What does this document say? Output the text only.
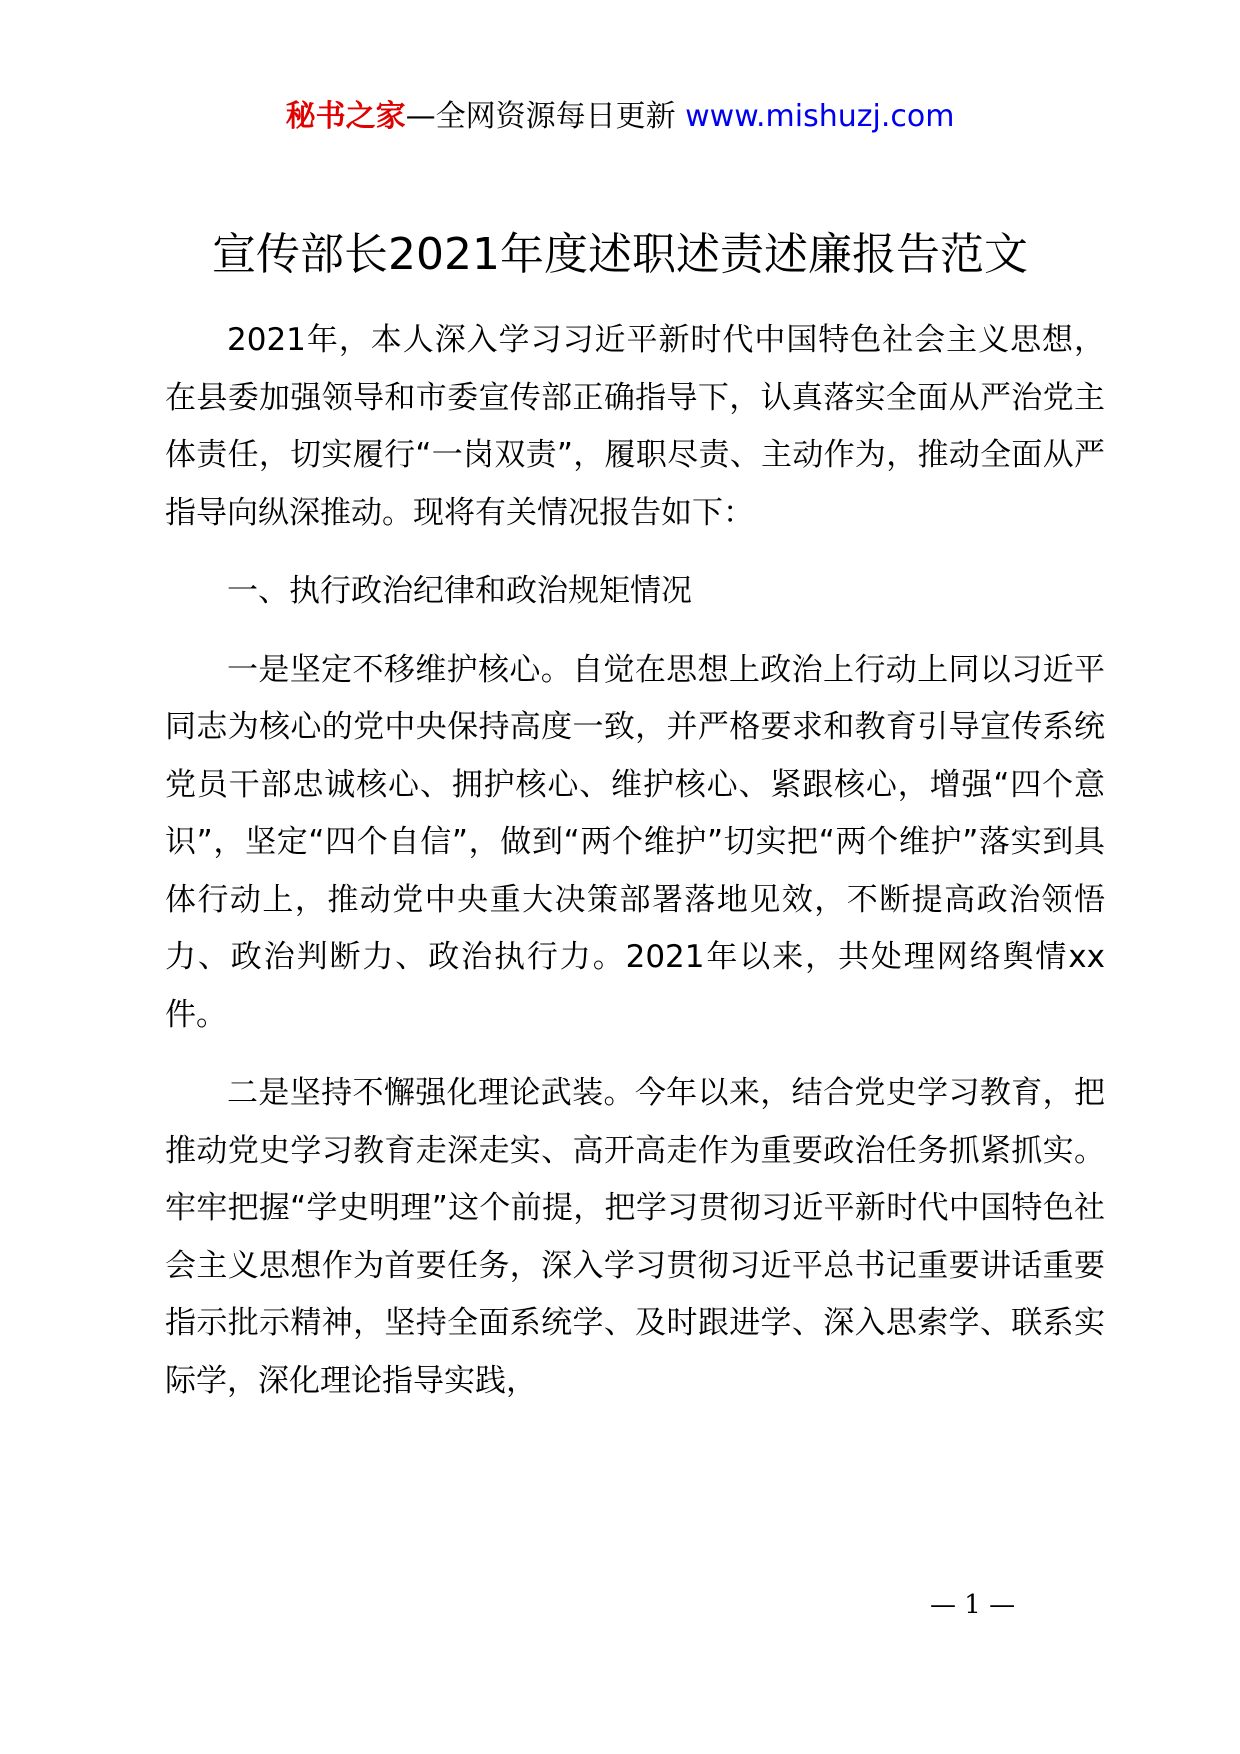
秘书之家—全网资源每日更新 www.mishuzj.com
宣传部长2021年度述职述责述廉报告范文

2021年，本人深入学习习近平新时代中国特色社会主义思想，在县委加强领导和市委宣传部正确指导下，认真落实全面从严治党主体责任，切实履行“一岗双责”，履职尽责、主动作为，推动全面从严指导向纵深推动。现将有关情况报告如下：

一、执行政治纪律和政治规矩情况

一是坚定不移维护核心。自觉在思想上政治上行动上同以习近平同志为核心的党中央保持高度一致，并严格要求和教育引导宣传系统党员干部忠诚核心、拥护核心、维护核心、紧跟核心，增强“四个意识”，坚定“四个自信”，做到“两个维护”切实把“两个维护”落实到具体行动上，推动党中央重大决策部署落地见效，不断提高政治领悟力、政治判断力、政治执行力。2021年以来，共处理网络舆情xx件。

二是坚持不懈强化理论武装。今年以来，结合党史学习教育，把推动党史学习教育走深走实、高开高走作为重要政治任务抓紧抓实。牢牢把握“学史明理”这个前提，把学习贯彻习近平新时代中国特色社会主义思想作为首要任务，深入学习贯彻习近平总书记重要讲话重要指示批示精神，坚持全面系统学、及时跟进学、深入思索学、联系实际学，深化理论指导实践，

— 1 —
